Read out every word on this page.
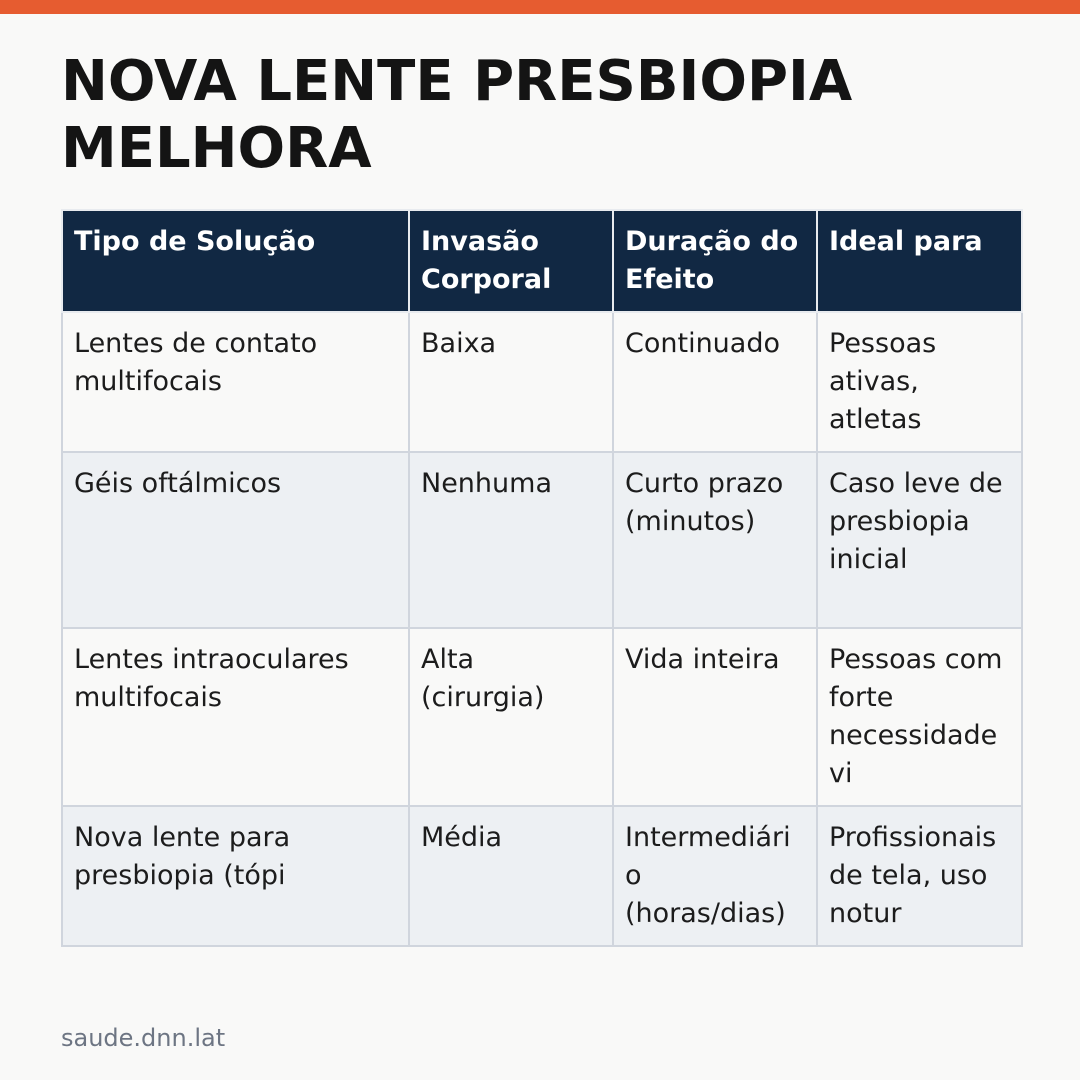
NOVA LENTE PRESBIOPIA MELHORA
Tipo de Solução	Invasão Corporal	Duração do Efeito	Ideal para
Lentes de contato multifocais	Baixa	Continuado	Pessoas ativas, atletas
Géis oftálmicos	Nenhuma	Curto prazo (minutos)	Caso leve de presbiopia inicial
Lentes intraoculares multifocais	Alta (cirurgia)	Vida inteira	Pessoas com forte necessidade vi
Nova lente para presbiopia (tópi	Média	Intermediário (horas/dias)	Profissionais de tela, uso notur
saude.dnn.lat
